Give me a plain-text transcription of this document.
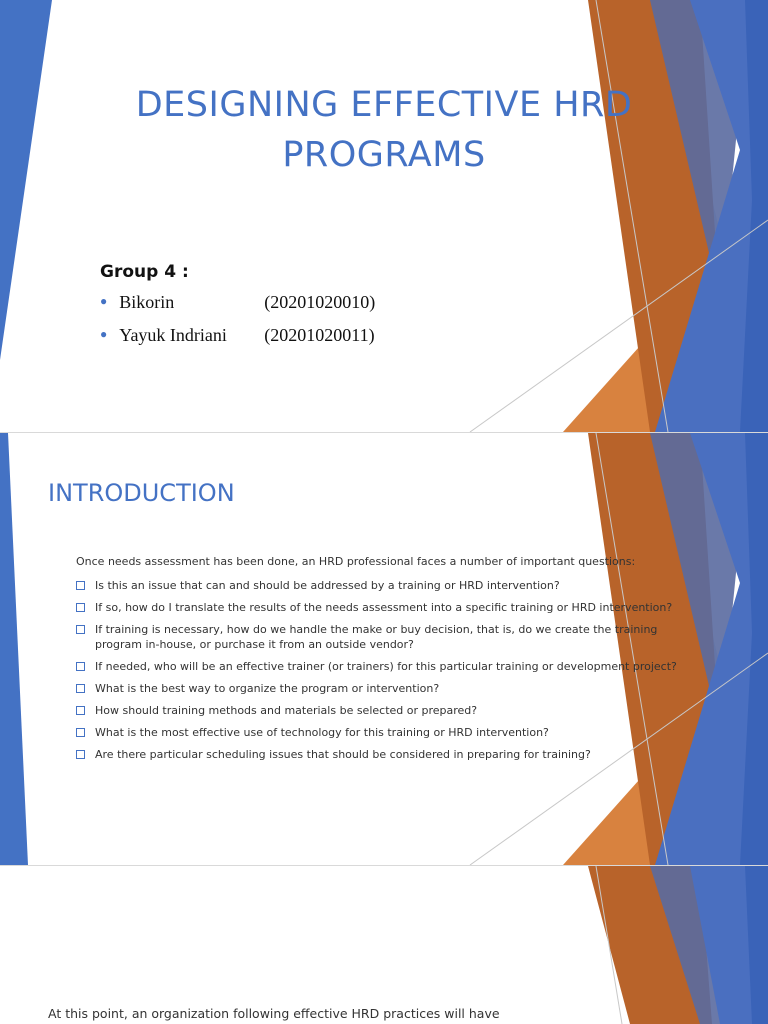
DESIGNING EFFECTIVE HRD
PROGRAMS
Group 4 :
● Bikorin	(20201020010)
● Yayuk Indriani (20201020011)
INTRODUCTION
Once needs assessment has been done, an HRD professional faces a number of important questions:
Is this an issue that can and should be addressed by a training or HRD intervention?
If so, how do I translate the results of the needs assessment into a specific training or HRD intervention?
If training is necessary, how do we handle the make or buy decision, that is, do we create the training program in-house, or purchase it from an outside vendor?
If needed, who will be an effective trainer (or trainers) for this particular training or development project?
What is the best way to organize the program or intervention?
How should training methods and materials be selected or prepared?
What is the most effective use of technology for this training or HRD intervention?
Are there particular scheduling issues that should be considered in preparing for training?
At this point, an organization following effective HRD practices will have
